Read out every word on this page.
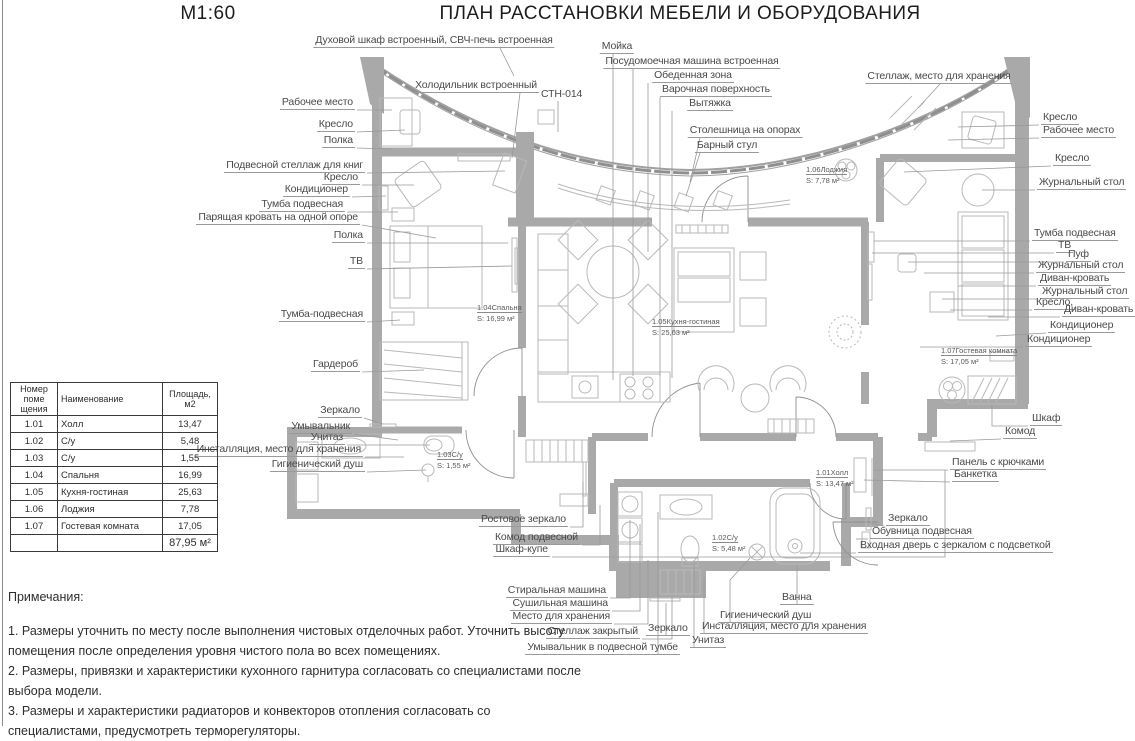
М1:60	ПЛАН РАССТАНОВКИ МЕБЕЛИ И ОБОРУДОВАНИЯ
1.01Холл
S: 13,47 м²
1.02С/у
S: 5,48 м²
1.03С/у
S: 1,55 м²
1.04Спальня
S: 16,99 м²	1.05Кухня-гостиная
S: 25,63 м²
1.06Лоджия
S: 7,78 м²
1.07Гостевая комната
S: 17,05 м²
Духовой шкаф встроенный, СВЧ-печь встроенная	Мойка
Посудомоечная машина встроенная
Обеденная зона
Варочная поверхность
Вытяжка
Холодильник встроенный
СТН-014
Стеллаж, место для хранения
Столешница на опорах
Барный стул
Рабочее место
Кресло
Полка
Подвесной стеллаж для книг
Кресло
Кондиционер
Тумба подвесная
Парящая кровать на одной опоре
Полка
ТВ
Тумба-подвесная
Гардероб
Зеркало
Умывальник
Унитаз
Инсталляция, место для хранения
Гигиенический душ
Ростовое зеркало
Комод подвесной
Шкаф-купе
Стиральная машина
Сушильная машина
Место для хранения
Стеллаж закрытый Зеркало
Умывальник в подвесной тумбе
Ванна
Гигиенический душ
Инсталляция, место для хранения
Унитаз
Кресло
Рабочее место
Кресло
Журнальный стол
Тумба подвесная
ТВ
Пуф
Журнальный стол
Диван-кровать
Журнальный стол
Кресло,
Диван-кровать
Кондиционер
Кондиционер
Шкаф
Комод
Панель с крючками
Банкетка
Зеркало
Обувница подвесная
Входная дверь с зеркалом с подсветкой
Номер поме щения	Наименование	Площадь, м2
1.01	Холл	13,47
1.02	С/у	5,48
1.03	С/у	1,55
1.04	Спальня	16,99
1.05	Кухня-гостиная	25,63
1.06	Лоджия	7,78
1.07	Гостевая комната	17,05
		87,95 м²
Примечания:
1. Размеры уточнить по месту после выполнения чистовых отделочных работ. Уточнить высоту помещения после определения уровня чистого пола во всех помещениях.
2. Размеры, привязки и характеристики кухонного гарнитура согласовать со специалистами после выбора модели.
3. Размеры и характеристики радиаторов и конвекторов отопления согласовать со специалистами, предусмотреть терморегуляторы.
